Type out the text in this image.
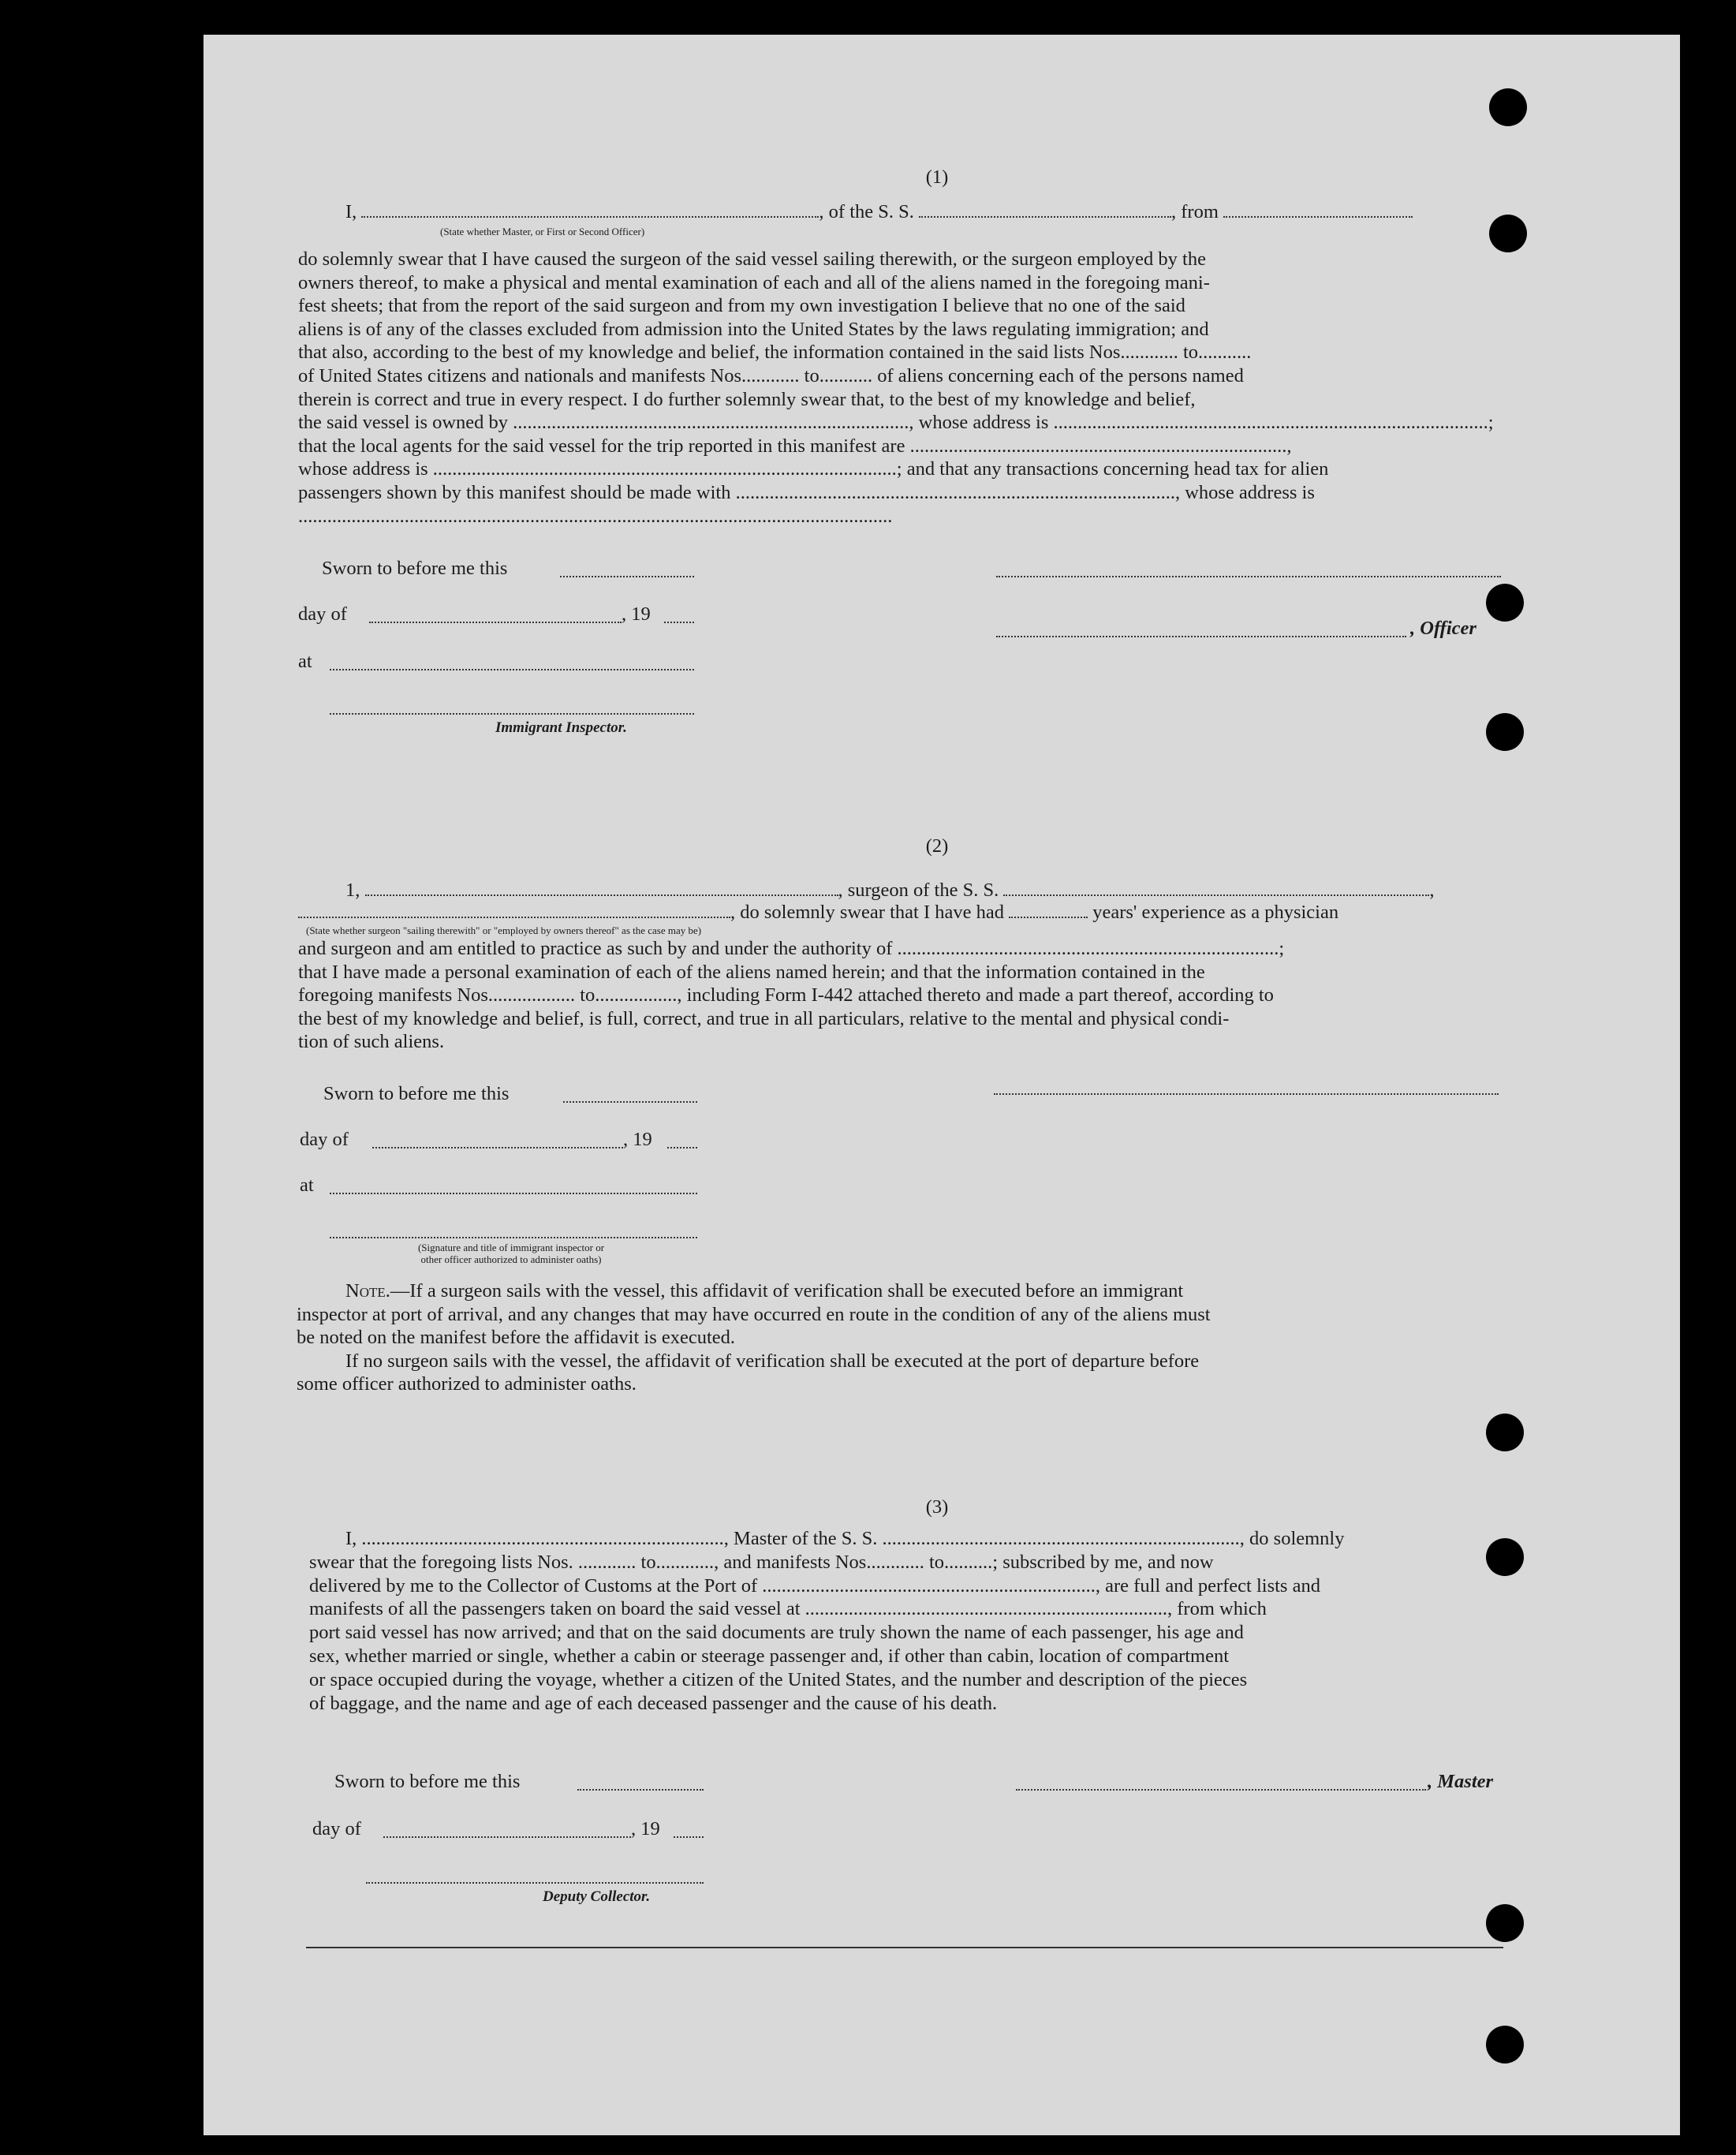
(1)
I,	, of the S. S.	, from
(State whether Master, or First or Second Officer)
do solemnly swear that I have caused the surgeon of the said vessel sailing therewith, or the surgeon employed by the
owners thereof, to make a physical and mental examination of each and all of the aliens named in the foregoing mani-
fest sheets; that from the report of the said surgeon and from my own investigation I believe that no one of the said
aliens is of any of the classes excluded from admission into the United States by the laws regulating immigration; and
that also, according to the best of my knowledge and belief, the information contained in the said lists Nos............ to...........
of United States citizens and nationals and manifests Nos............ to........... of aliens concerning each of the persons named
therein is correct and true in every respect. I do further solemnly swear that, to the best of my knowledge and belief,
the said vessel is owned by .................................................................................., whose address is ..........................................................................................;
that the local agents for the said vessel for the trip reported in this manifest are ..............................................................................,
whose address is ................................................................................................; and that any transactions concerning head tax for alien
passengers shown by this manifest should be made with ..........................................................................................., whose address is
...........................................................................................................................
Sworn to before me this
day of	, 19
, Officer
at
Immigrant Inspector.
(2)
1,	, surgeon of the S. S.	,
, do solemnly swear that I have had	years' experience as a physician
(State whether surgeon "sailing therewith" or "employed by owners thereof" as the case may be)
and surgeon and am entitled to practice as such by and under the authority of ...............................................................................;
that I have made a personal examination of each of the aliens named herein; and that the information contained in the
foregoing manifests Nos.................. to................., including Form I-442 attached thereto and made a part thereof, according to
the best of my knowledge and belief, is full, correct, and true in all particulars, relative to the mental and physical condi-
tion of such aliens.
Sworn to before me this
day of	, 19
at
(Signature and title of immigrant inspector or
other officer authorized to administer oaths)
Note.—If a surgeon sails with the vessel, this affidavit of verification shall be executed before an immigrant
inspector at port of arrival, and any changes that may have occurred en route in the condition of any of the aliens must
be noted on the manifest before the affidavit is executed.
If no surgeon sails with the vessel, the affidavit of verification shall be executed at the port of departure before
some officer authorized to administer oaths.
(3)
I, ..........................................................................., Master of the S. S. .........................................................................., do solemnly
swear that the foregoing lists Nos. ............ to............, and manifests Nos............ to..........; subscribed by me, and now
delivered by me to the Collector of Customs at the Port of ....................................................................., are full and perfect lists and
manifests of all the passengers taken on board the said vessel at ..........................................................................., from which
port said vessel has now arrived; and that on the said documents are truly shown the name of each passenger, his age and
sex, whether married or single, whether a cabin or steerage passenger and, if other than cabin, location of compartment
or space occupied during the voyage, whether a citizen of the United States, and the number and description of the pieces
of baggage, and the name and age of each deceased passenger and the cause of his death.
Sworn to before me this	, Master
day of	, 19
Deputy Collector.
